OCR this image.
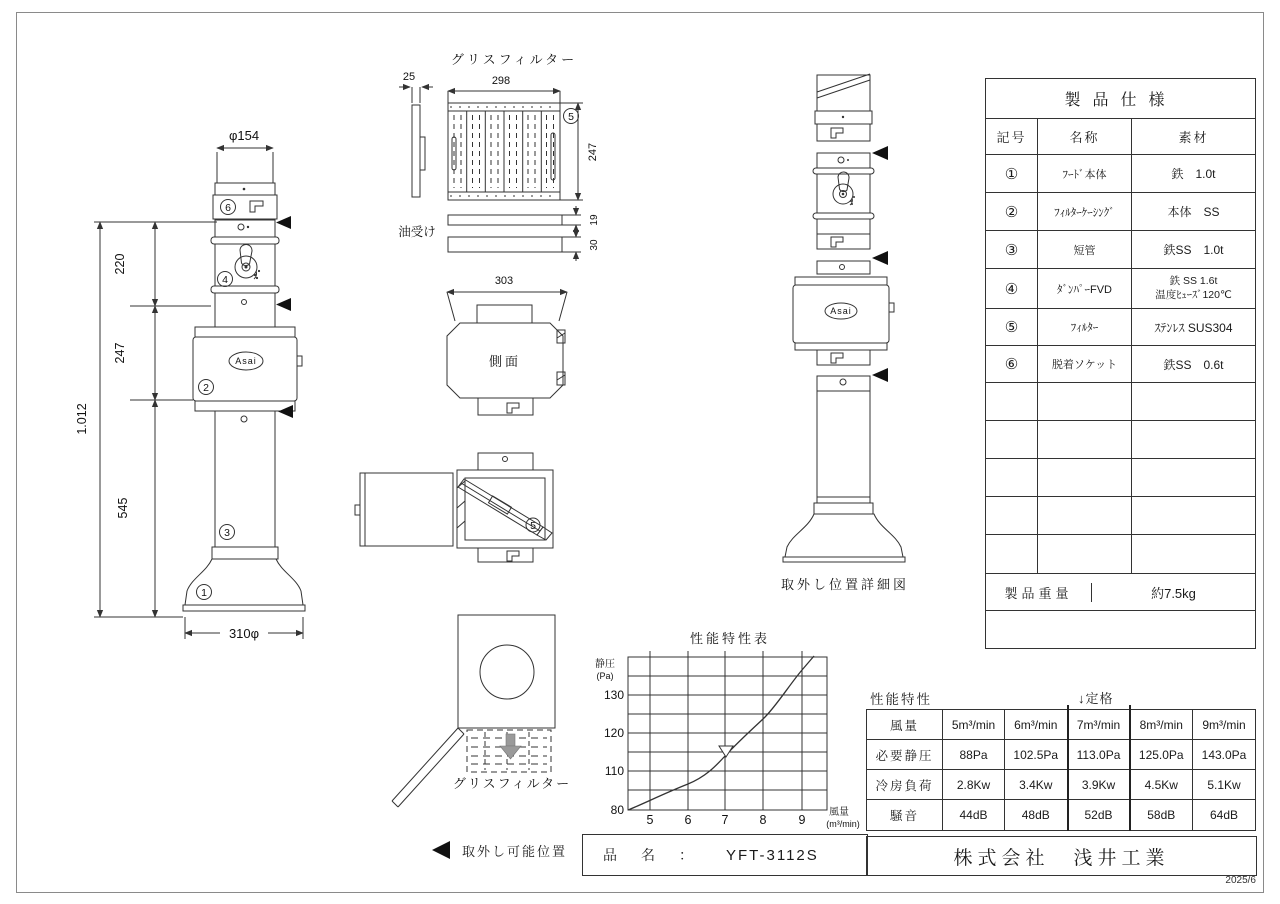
φ154
6
4
Asai
2
3
1
310φ
220
247
545
1.012
グリスフィルター
25	298
5
247
油受け
19
30
303
側面
5
Asai
取外し位置詳細図
グリスフィルター
性能特性表
静圧
(Pa)
130
120
110
80
5 6 7 8	9
風量
(m³/min)
製品仕様		
記号	名称	素材
①	ﾌｰﾄﾞ本体	鉄　1.0t
②	ﾌｨﾙﾀｰｹｰｼﾝｸﾞ	本体　SS
③	短管	鉄SS　1.0t
④	ﾀﾞﾝﾊﾟｰFVD	鉄 SS 1.6t
温度ﾋｭｰｽﾞ120℃

⑤	ﾌｨﾙﾀｰ	ｽﾃﾝﾚｽ SUS304
⑥	脱着ソケット	鉄SS　0.6t

製品重量 約7.5kg		

性能特性	↓定格
風量	5m³/min	6m³/min	7m³/min	8m³/min	9m³/min
必要静圧	88Pa	102.5Pa	113.0Pa	125.0Pa	143.0Pa
冷房負荷	2.8Kw	3.4Kw	3.9Kw	4.5Kw	5.1Kw
騒音	44dB	48dB	52dB	58dB	64dB
取外し可能位置	品　名　： YFT-3112S	株式会社　浅井工業
2025/6
